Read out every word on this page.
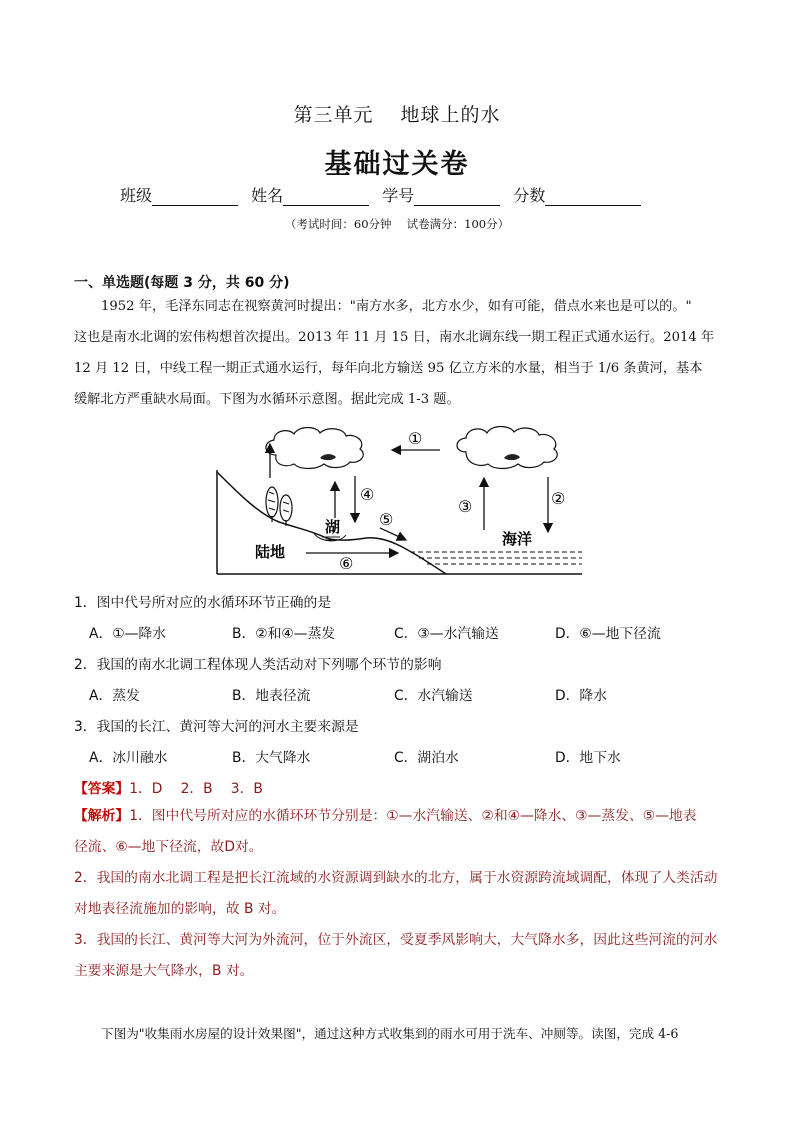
第三单元　 地球上的水
基础过关卷
班级	姓名	学号	分数
（考试时间：60分钟　 试卷满分：100分）
一、单选题(每题 3 分，共 60 分)

1952 年，毛泽东同志在视察黄河时提出："南方水多，北方水少，如有可能，借点水来也是可以的。"

这也是南水北调的宏伟构想首次提出。2013 年 11 月 15 日，南水北调东线一期工程正式通水运行。2014 年

12 月 12 日，中线工程一期正式通水运行，每年向北方输送 95 亿立方米的水量，相当于 1/6 条黄河，基本

缓解北方严重缺水局面。下图为水循环示意图。据此完成 1-3 题。

①
②
③
④
⑤
⑥
湖
陆地
海洋
1．图中代号所对应的水循环环节正确的是
A．①—降水	B．②和④—蒸发	C．③—水汽输送	D．⑥—地下径流
2．我国的南水北调工程体现人类活动对下列哪个环节的影响
A．蒸发	B．地表径流	C．水汽输送	D．降水
3．我国的长江、黄河等大河的河水主要来源是
A．冰川融水	B．大气降水	C．湖泊水	D．地下水
【答案】1．D　 2．B　 3．B

【解析】1．图中代号所对应的水循环环节分别是：①—水汽输送、②和④—降水、③—蒸发、⑤—地表

径流、⑥—地下径流，故D对。

2．我国的南水北调工程是把长江流域的水资源调到缺水的北方，属于水资源跨流域调配，体现了人类活动

对地表径流施加的影响，故 B 对。

3．我国的长江、黄河等大河为外流河，位于外流区，受夏季风影响大，大气降水多，因此这些河流的河水

主要来源是大气降水，B 对。

下图为"收集雨水房屋的设计效果图"，通过这种方式收集到的雨水可用于洗车、冲厕等。读图，完成 4-6
